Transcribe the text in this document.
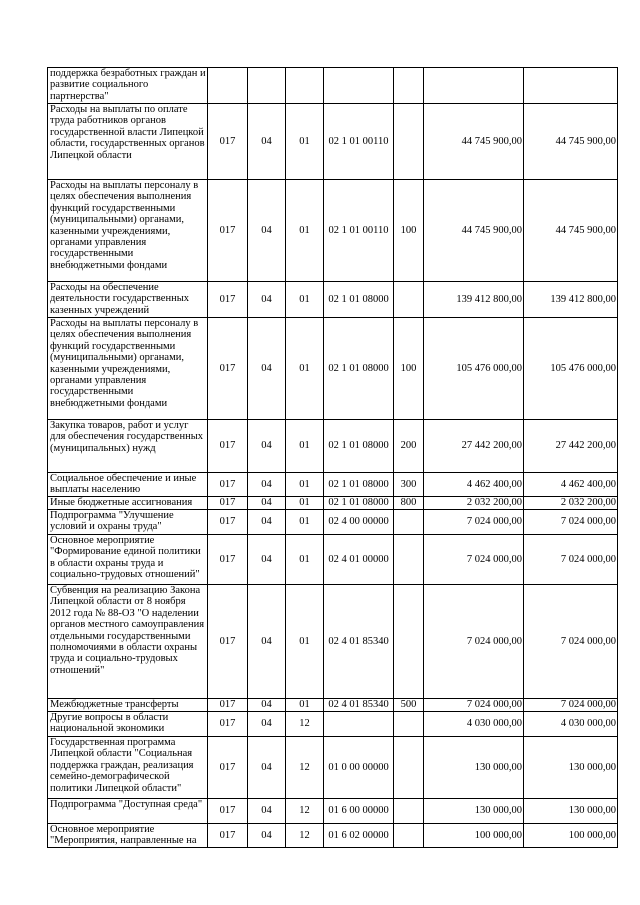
поддержка безработных граждан и развитие социального партнерства"							
Расходы на выплаты по оплате труда работников органов государственной власти Липецкой области, государственных органов Липецкой области	017	04	01	02 1 01 00110		44 745 900,00	44 745 900,00
Расходы на выплаты персоналу в целях обеспечения выполнения функций государственными (муниципальными) органами, казенными учреждениями, органами управления государственными внебюджетными фондами	017	04	01	02 1 01 00110	100	44 745 900,00	44 745 900,00
Расходы на обеспечение деятельности государственных казенных учреждений	017	04	01	02 1 01 08000		139 412 800,00	139 412 800,00
Расходы на выплаты персоналу в целях обеспечения выполнения функций государственными (муниципальными) органами, казенными учреждениями, органами управления государственными внебюджетными фондами	017	04	01	02 1 01 08000	100	105 476 000,00	105 476 000,00
Закупка товаров, работ и услуг для обеспечения государственных (муниципальных) нужд	017	04	01	02 1 01 08000	200	27 442 200,00	27 442 200,00
Социальное обеспечение и иные выплаты населению	017	04	01	02 1 01 08000	300	4 462 400,00	4 462 400,00
Иные бюджетные ассигнования	017	04	01	02 1 01 08000	800	2 032 200,00	2 032 200,00
Подпрограмма "Улучшение условий и охраны труда"	017	04	01	02 4 00 00000		7 024 000,00	7 024 000,00
Основное мероприятие "Формирование единой политики в области охраны труда и социально-трудовых отношений"	017	04	01	02 4 01 00000		7 024 000,00	7 024 000,00
Субвенция на реализацию Закона Липецкой области от 8 ноября 2012 года № 88-ОЗ "О наделении органов местного самоуправления отдельными государственными полномочиями в области охраны труда и социально-трудовых отношений"	017	04	01	02 4 01 85340		7 024 000,00	7 024 000,00
Межбюджетные трансферты	017	04	01	02 4 01 85340	500	7 024 000,00	7 024 000,00
Другие вопросы в области национальной экономики	017	04	12			4 030 000,00	4 030 000,00
Государственная программа Липецкой области "Социальная поддержка граждан, реализация семейно-демографической политики Липецкой области"	017	04	12	01 0 00 00000		130 000,00	130 000,00
Подпрограмма "Доступная среда"	017	04	12	01 6 00 00000		130 000,00	130 000,00
Основное мероприятие "Мероприятия, направленные на	017	04	12	01 6 02 00000		100 000,00	100 000,00
